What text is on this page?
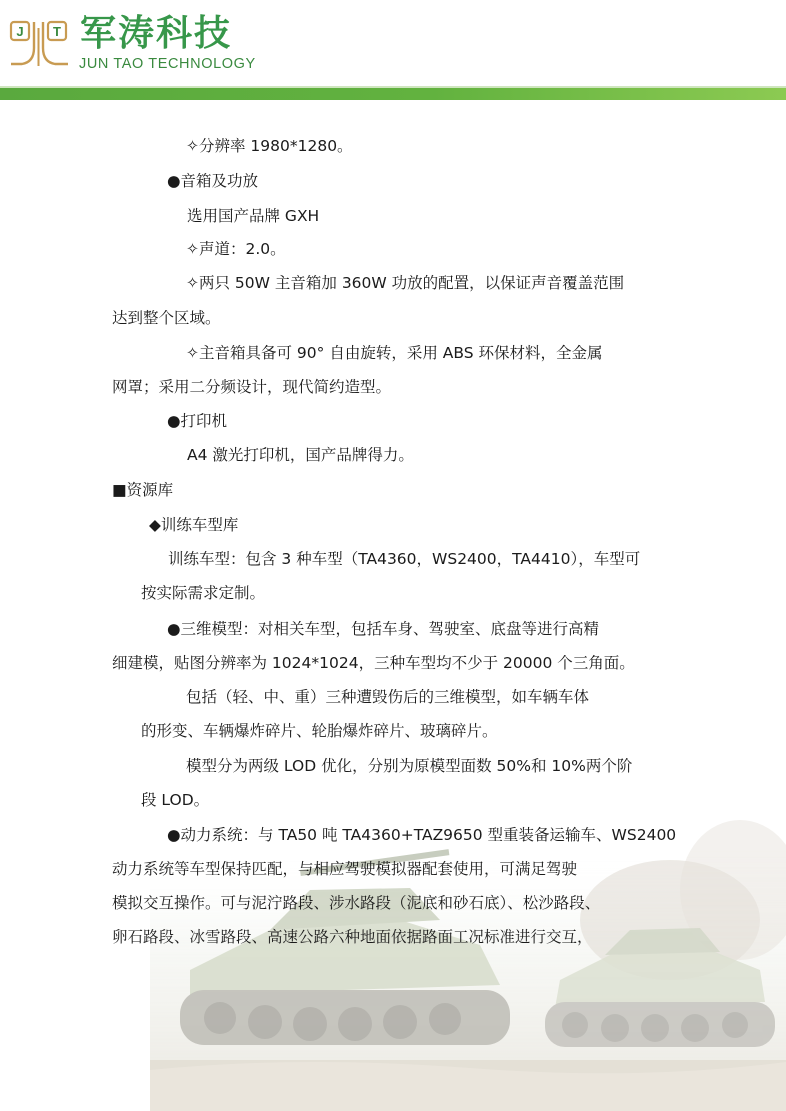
J T 军涛科技
JUN TAO TECHNOLOGY
✧分辨率 1980*1280。
●音箱及功放
选用国产品牌 GXH
✧声道：2.0。
✧两只 50W 主音箱加 360W 功放的配置，以保证声音覆盖范围
达到整个区域。
✧主音箱具备可 90° 自由旋转，采用 ABS 环保材料，全金属
网罩；采用二分频设计，现代简约造型。
●打印机
A4 激光打印机，国产品牌得力。
■资源库
◆训练车型库
训练车型：包含 3 种车型（TA4360，WS2400，TA4410），车型可
按实际需求定制。
●三维模型：对相关车型，包括车身、驾驶室、底盘等进行高精
细建模，贴图分辨率为 1024*1024，三种车型均不少于 20000 个三角面。
包括（轻、中、重）三种遭毁伤后的三维模型，如车辆车体
的形变、车辆爆炸碎片、轮胎爆炸碎片、玻璃碎片。
模型分为两级 LOD 优化，分别为原模型面数 50%和 10%两个阶
段 LOD。
●动力系统：与 TA50 吨 TA4360+TAZ9650 型重装备运输车、WS2400
动力系统等车型保持匹配，与相应驾驶模拟器配套使用，可满足驾驶
模拟交互操作。可与泥泞路段、涉水路段（泥底和砂石底）、松沙路段、
卵石路段、冰雪路段、高速公路六种地面依据路面工况标准进行交互，
